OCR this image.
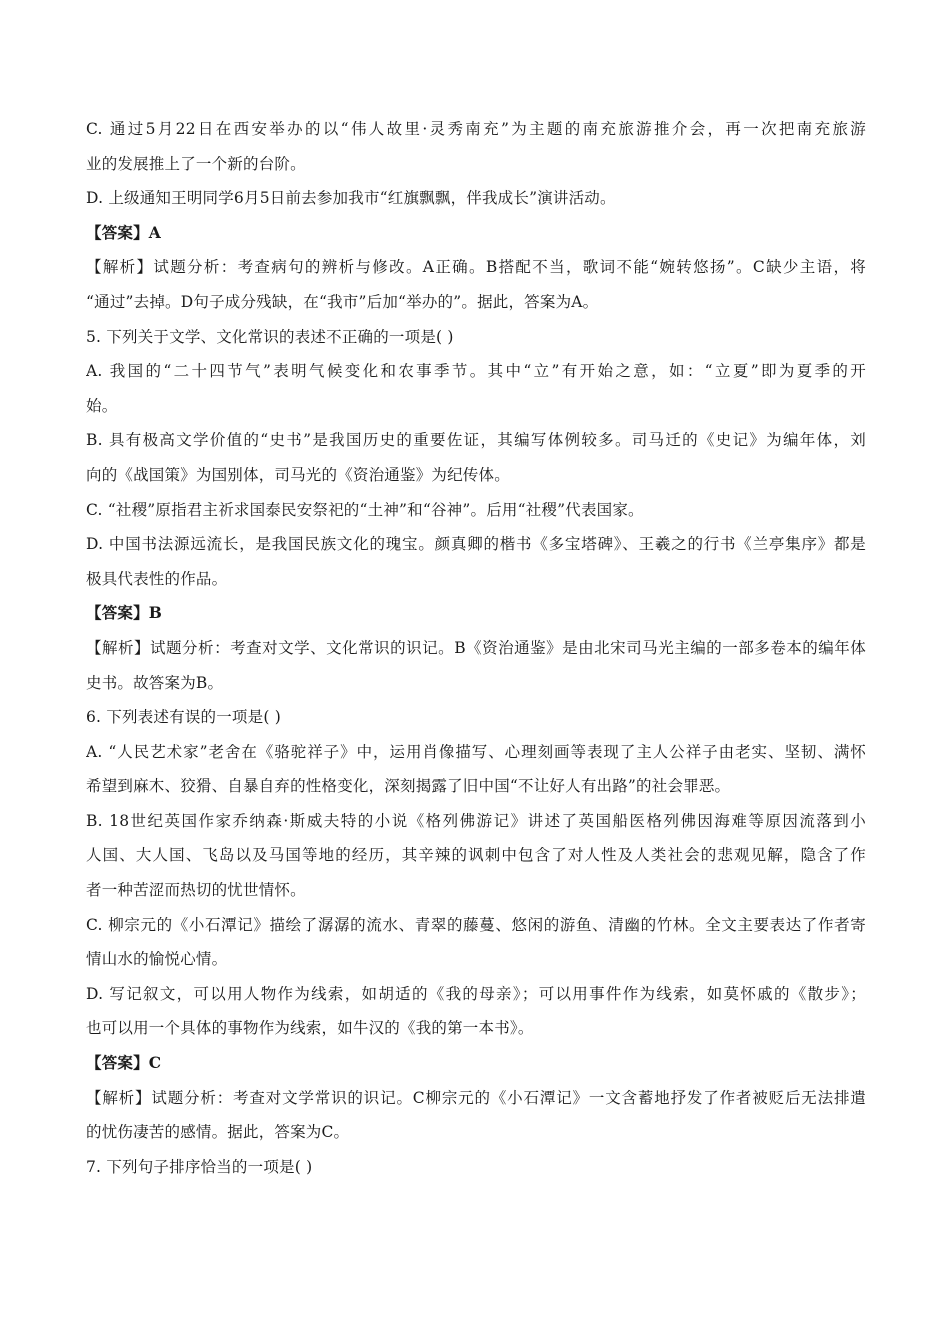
C. 通过5月22日在西安举办的以“伟人故里·灵秀南充”为主题的南充旅游推介会，再一次把南充旅游
业的发展推上了一个新的台阶。
D. 上级通知王明同学6月5日前去参加我市“红旗飘飘，伴我成长”演讲活动。
【答案】A
【解析】试题分析：考查病句的辨析与修改。A正确。B搭配不当，歌词不能“婉转悠扬”。C缺少主语，将
“通过”去掉。D句子成分残缺，在“我市”后加“举办的”。据此，答案为A。
5. 下列关于文学、文化常识的表述不正确的一项是( )
A. 我国的“二十四节气”表明气候变化和农事季节。其中“立”有开始之意，如：“立夏”即为夏季的开
始。
B. 具有极高文学价值的“史书”是我国历史的重要佐证，其编写体例较多。司马迁的《史记》为编年体，刘
向的《战国策》为国别体，司马光的《资治通鉴》为纪传体。
C. “社稷”原指君主祈求国泰民安祭祀的“土神”和“谷神”。后用“社稷”代表国家。
D. 中国书法源远流长，是我国民族文化的瑰宝。颜真卿的楷书《多宝塔碑》、王羲之的行书《兰亭集序》都是
极具代表性的作品。
【答案】B
【解析】试题分析：考查对文学、文化常识的识记。B《资治通鉴》是由北宋司马光主编的一部多卷本的编年体
史书。故答案为B。
6. 下列表述有误的一项是( )
A. “人民艺术家”老舍在《骆驼祥子》中，运用肖像描写、心理刻画等表现了主人公祥子由老实、坚韧、满怀
希望到麻木、狡猾、自暴自弃的性格变化，深刻揭露了旧中国“不让好人有出路”的社会罪恶。
B. 18世纪英国作家乔纳森·斯威夫特的小说《格列佛游记》讲述了英国船医格列佛因海难等原因流落到小
人国、大人国、飞岛以及马国等地的经历，其辛辣的讽刺中包含了对人性及人类社会的悲观见解，隐含了作
者一种苦涩而热切的忧世情怀。
C. 柳宗元的《小石潭记》描绘了潺潺的流水、青翠的藤蔓、悠闲的游鱼、清幽的竹林。全文主要表达了作者寄
情山水的愉悦心情。
D. 写记叙文，可以用人物作为线索，如胡适的《我的母亲》；可以用事件作为线索，如莫怀戚的《散步》；
也可以用一个具体的事物作为线索，如牛汉的《我的第一本书》。
【答案】C
【解析】试题分析：考查对文学常识的识记。C柳宗元的《小石潭记》一文含蓄地抒发了作者被贬后无法排遣
的忧伤凄苦的感情。据此，答案为C。
7. 下列句子排序恰当的一项是( )
